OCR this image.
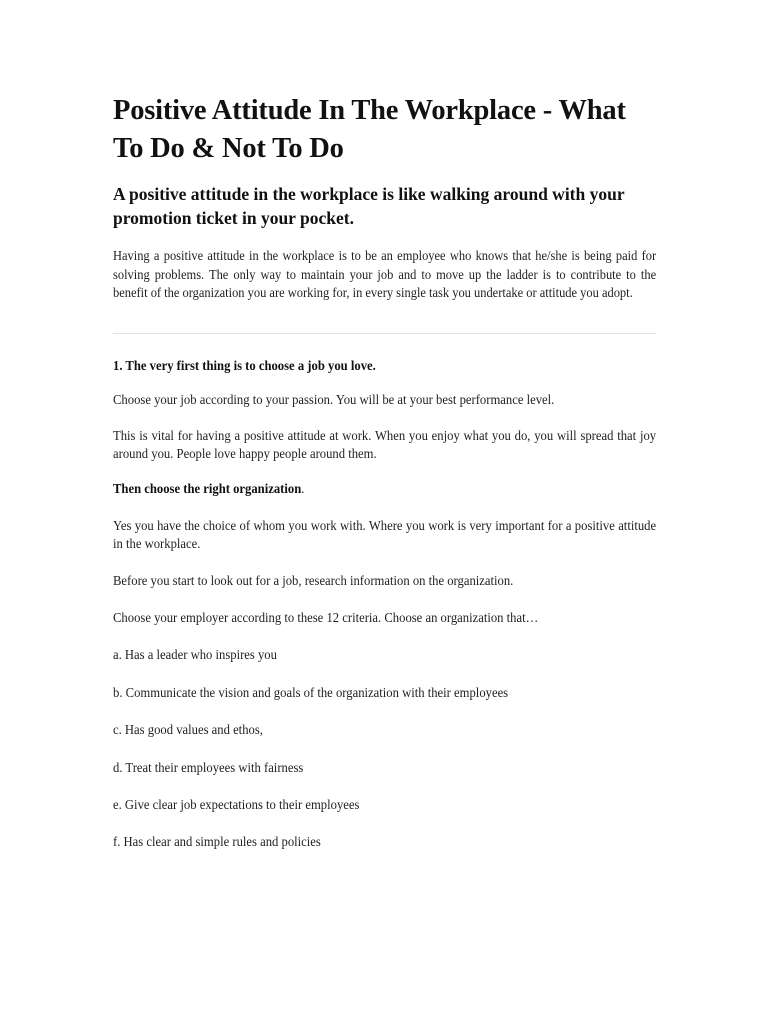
Positive Attitude In The Workplace - What To Do & Not To Do
A positive attitude in the workplace is like walking around with your promotion ticket in your pocket.

Having a positive attitude in the workplace is to be an employee who knows that he/she is being paid for solving problems. The only way to maintain your job and to move up the ladder is to contribute to the benefit of the organization you are working for, in every single task you undertake or attitude you adopt.

1. The very first thing is to choose a job you love.

Choose your job according to your passion. You will be at your best performance level.

This is vital for having a positive attitude at work. When you enjoy what you do, you will spread that joy around you. People love happy people around them.

Then choose the right organization.

Yes you have the choice of whom you work with. Where you work is very important for a positive attitude in the workplace.

Before you start to look out for a job, research information on the organization.

Choose your employer according to these 12 criteria. Choose an organization that…

a. Has a leader who inspires you
b. Communicate the vision and goals of the organization with their employees
c. Has good values and ethos,
d. Treat their employees with fairness
e. Give clear job expectations to their employees
f. Has clear and simple rules and policies
